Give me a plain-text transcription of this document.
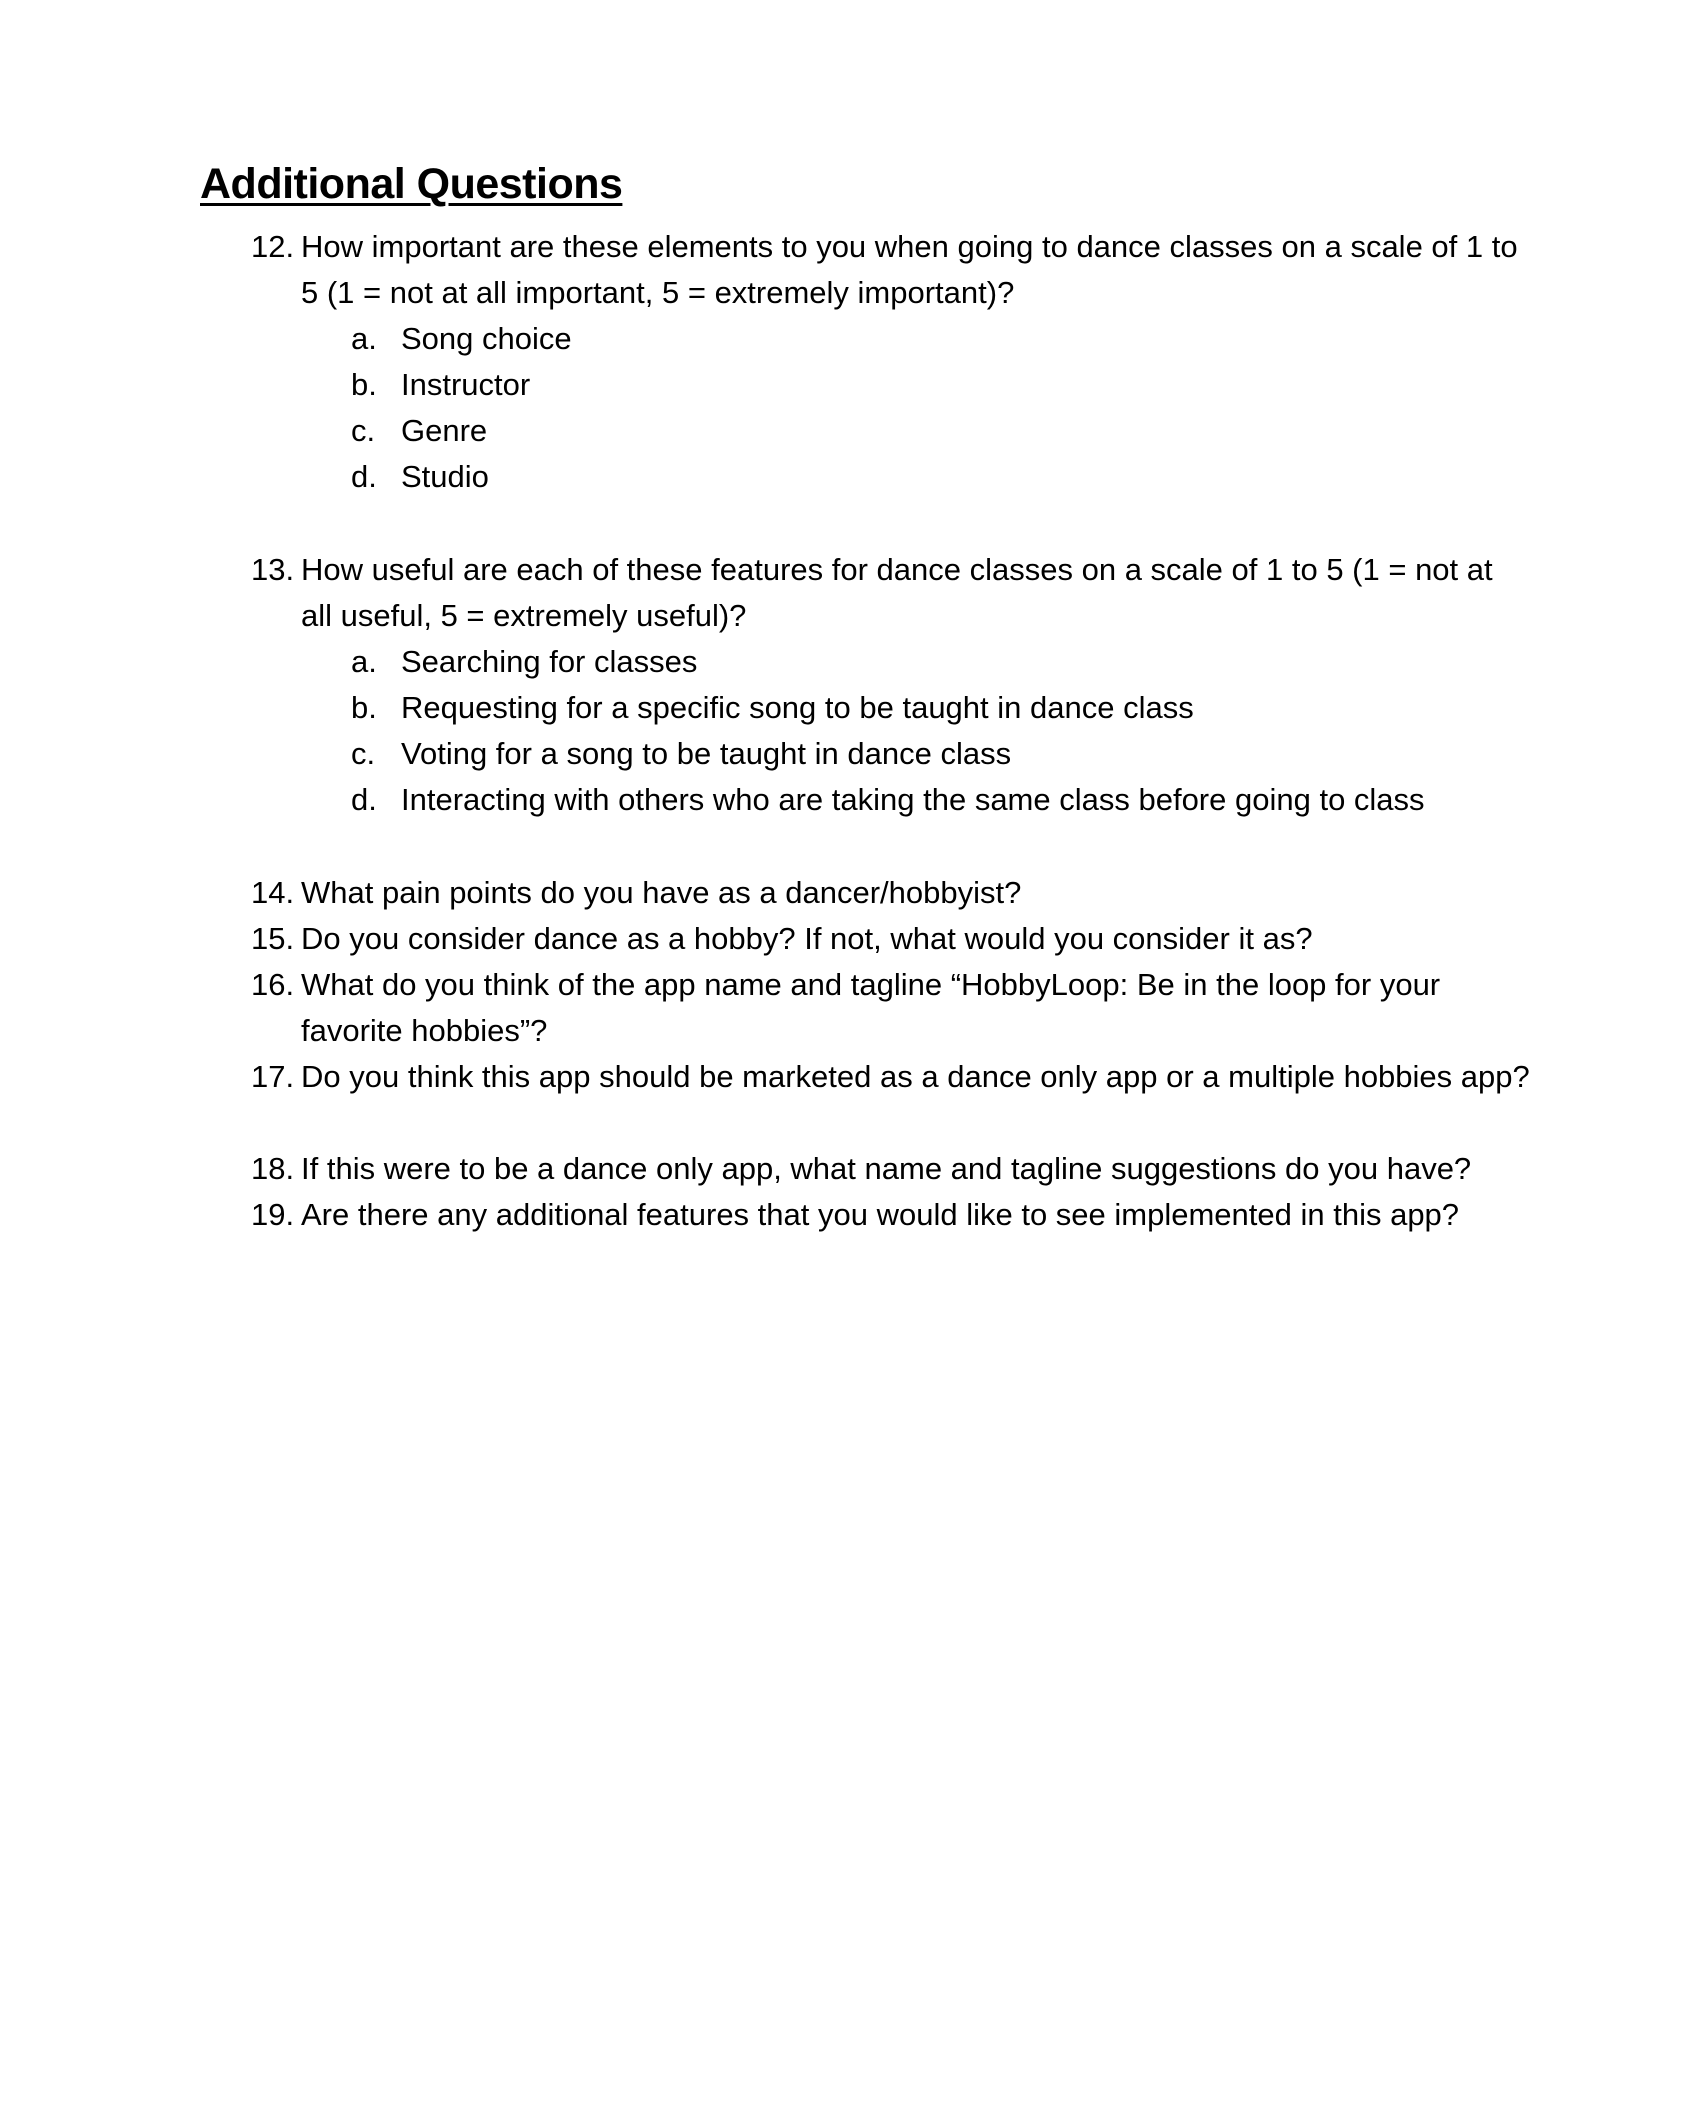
Additional Questions
12. How important are these elements to you when going to dance classes on a scale of 1 to 5 (1 = not at all important, 5 = extremely important)?
a. Song choice
b. Instructor
c. Genre
d. Studio
13. How useful are each of these features for dance classes on a scale of 1 to 5 (1 = not at all useful, 5 = extremely useful)?
a. Searching for classes
b. Requesting for a specific song to be taught in dance class
c. Voting for a song to be taught in dance class
d. Interacting with others who are taking the same class before going to class
14. What pain points do you have as a dancer/hobbyist?
15. Do you consider dance as a hobby? If not, what would you consider it as?
16. What do you think of the app name and tagline “HobbyLoop: Be in the loop for your favorite hobbies”?
17. Do you think this app should be marketed as a dance only app or a multiple hobbies app?
18. If this were to be a dance only app, what name and tagline suggestions do you have?
19. Are there any additional features that you would like to see implemented in this app?
